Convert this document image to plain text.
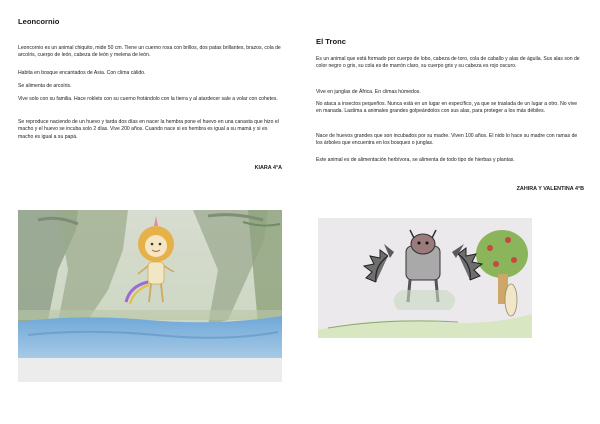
Leoncornio

Leoncornio es un animal chiquito, mide 50 cm. Tiene un cuerno rosa con brillos, dos patas brillantes, brazos, cola de arcoíris, cuerpo de león, cabeza de león y melena de león.

Habita en bosque encantados de Asia. Con clima cálido.

Se alimenta de arcoíris.

Vive solo con su familia. Hace roklets con su cuerno frotándolo con la tierra y al atardecer sale a volar con cohetes.

Se reproduce naciendo de un huevo y tarda dos días en nacer la hembra pone el huevo en una canasta que hizo el macho y el huevo se incuba solo 2 días. Vive 200 años. Cuando nace si es hembra es igual a su mamá y si es macho es igual a su papá.

KIARA 4°A
El Tronc

Es un animal que está formado por cuerpo de lobo, cabeza de toro, cola de caballo y alas de águila. Sus alas son de color negro o gris, su cola es de marrón claro, su cuerpo gris y su cabeza es rojo oscuro.

Vive en junglas de África. En climas húmedos.

No ataca a insectos pequeños. Nunca está en un lugar en específico, ya que se traslada de un lugar a otro. No vive en manada. Lastima a animales grandes golpeándolos con sus alas, para proteger a los más débiles.

Nace de huevos grandes que son incubados por su madre. Viven 100 años. El nido lo hace su madre con ramas de los árboles que encuentra en los bosques o junglas.

Este animal es de alimentación herbívora, se alimenta de todo tipo de hierbas y plantas.

ZAHIRA Y VALENTINA 4°B
